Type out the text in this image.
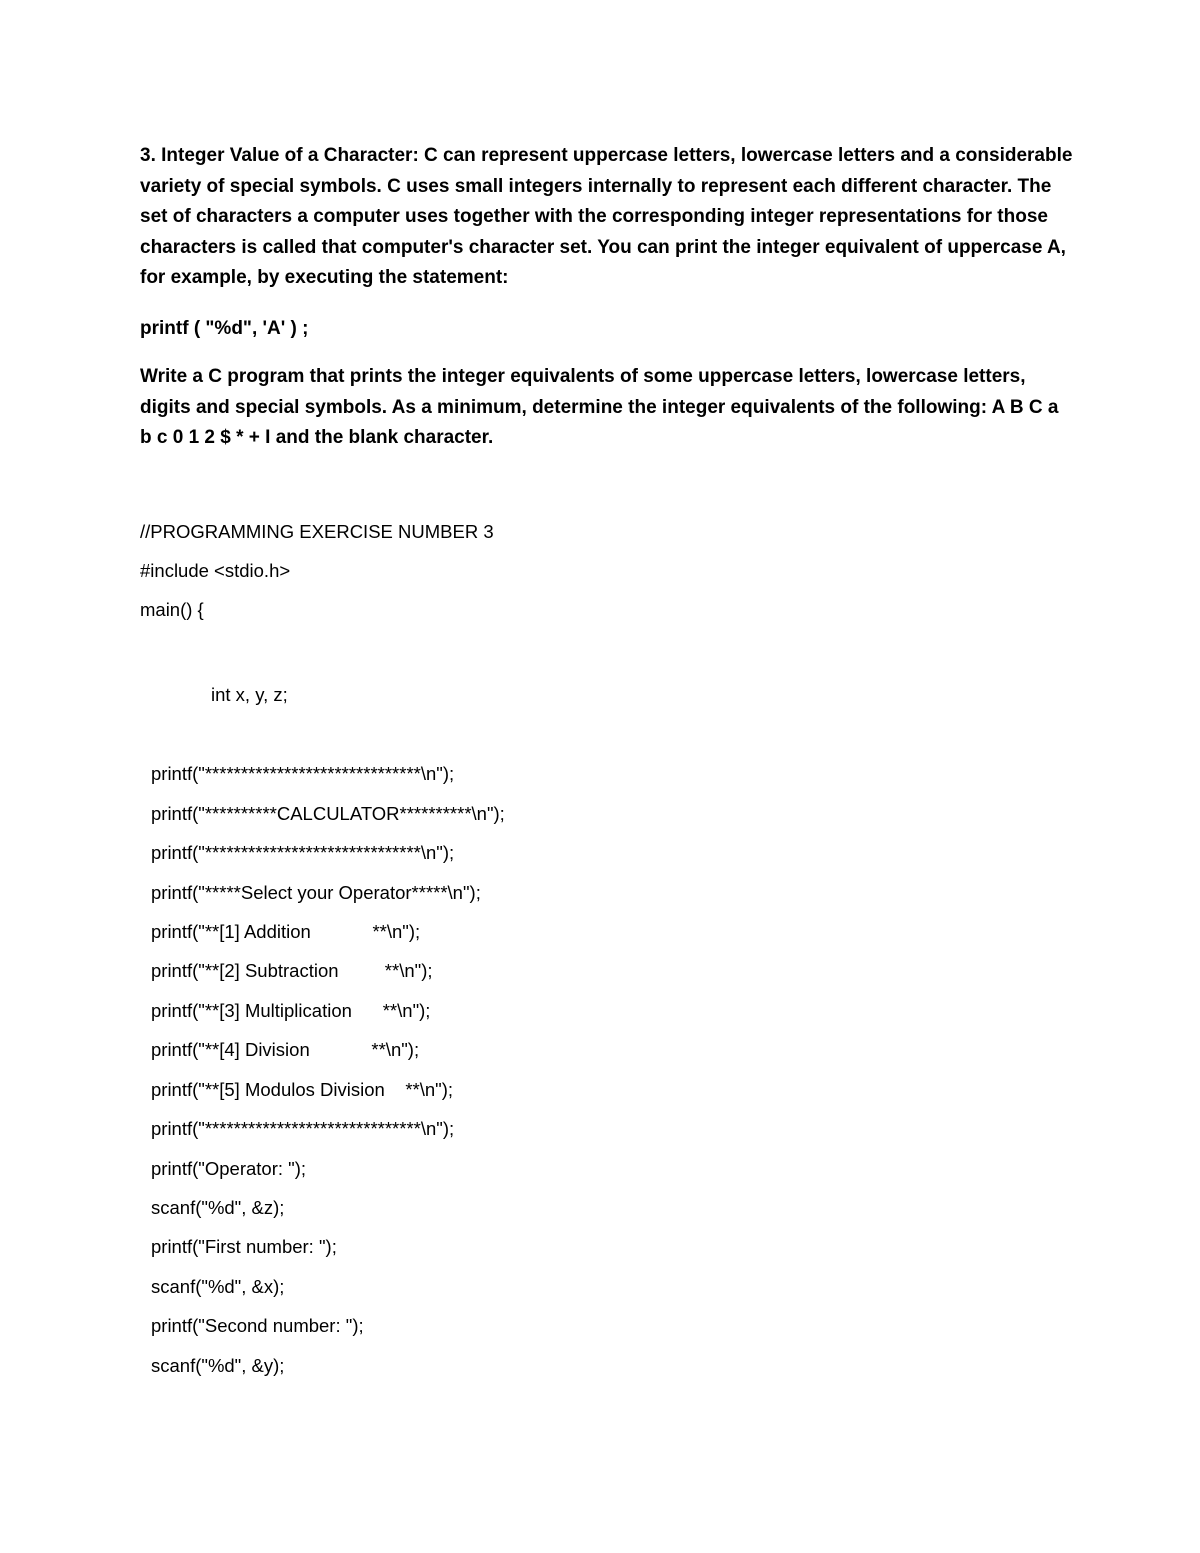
3. Integer Value of a Character: C can represent uppercase letters, lowercase letters and a considerable
variety of special symbols. C uses small integers internally to represent each different character. The
set of characters a computer uses together with the corresponding integer representations for those
characters is called that computer's character set. You can print the integer equivalent of uppercase A,
for example, by executing the statement:
printf ( "%d", 'A' ) ;
Write a C program that prints the integer equivalents of some uppercase letters, lowercase letters,
digits and special symbols. As a minimum, determine the integer equivalents of the following: A B C a
b c 0 1 2 $ * + I and the blank character.
//PROGRAMMING EXERCISE NUMBER 3
#include <stdio.h>
main() {
int x, y, z;
printf("******************************\n");
printf("**********CALCULATOR**********\n");
printf("******************************\n");
printf("*****Select your Operator*****\n");
printf("**[1] Addition            **\n");
printf("**[2] Subtraction         **\n");
printf("**[3] Multiplication      **\n");
printf("**[4] Division            **\n");
printf("**[5] Modulos Division    **\n");
printf("******************************\n");
printf("Operator: ");
scanf("%d", &z);
printf("First number: ");
scanf("%d", &x);
printf("Second number: ");
scanf("%d", &y);
